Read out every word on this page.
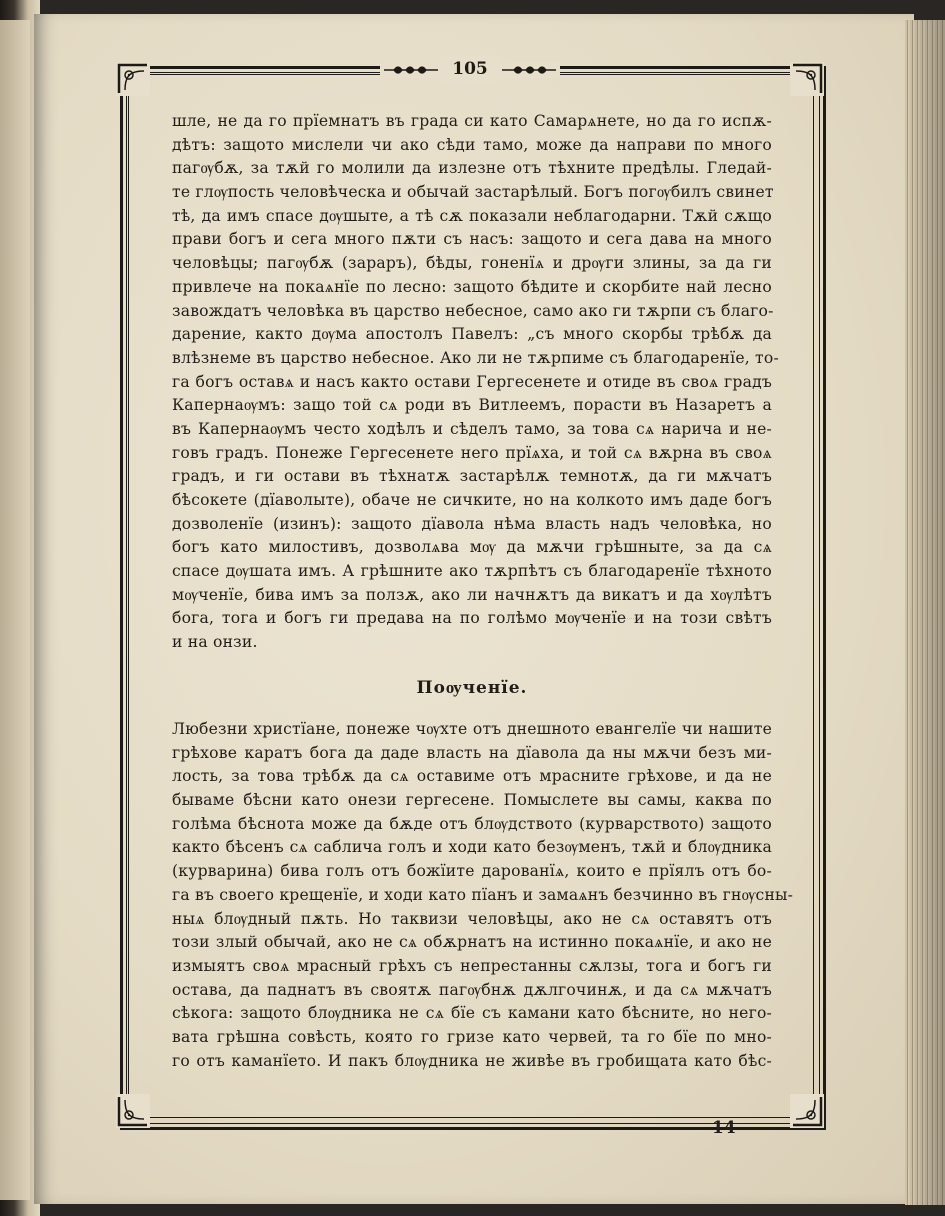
105
шле, не да го прїемнатъ въ града си като Самарѧнете, но да го испѫ-
дѣтъ: защото мислели чи ако сѣди тамо, може да направи по много
пагѹбѫ, за тѫй го молили да излезне отъ тѣхните предѣлы. Гледай-
те глѹпость человѣческа и обычай застарѣлый. Богъ погѹбилъ свинет
тѣ, да имъ спасе дѹшыте, а тѣ сѫ показали неблагодарни. Тѫй сѫщо
прави богъ и сега много пѫти съ насъ: защото и сега дава на много
человѣцы; пагѹбѫ (зараръ), бѣды, гоненїѧ и дрѹги злины, за да ги
привлече на покаѧнїе по лесно: защото бѣдите и скорбите най лесно
завождатъ человѣка въ царство небесное, само ако ги тѫрпи съ благо-
дарение, както дѹма апостолъ Павелъ: „съ много скорбы трѣбѫ да
влѣзнеме въ царство небесное. Ако ли не тѫрпиме съ благодаренїе, то-
га богъ оставѧ и насъ както остави Гергесенете и отиде въ своѧ градъ
Капернаѹмъ: защо той сѧ роди въ Витлеемъ, порасти въ Назаретъ а
въ Капернаѹмъ често ходѣлъ и сѣделъ тамо, за това сѧ нарича и не-
говъ градъ. Понеже Гергесенете него прїѧха, и той сѧ вѫрна въ своѧ
градъ, и ги остави въ тѣхнатѫ застарѣлѫ темнотѫ, да ги мѫчатъ
бѣсокете (дїаволыте), обаче не сичките, но на колкото имъ даде богъ
дозволенїе (изинъ): защото дїавола нѣма власть надъ человѣка, но
богъ като милостивъ, дозволѧва мѹ да мѫчи грѣшныте, за да сѧ
спасе дѹшата имъ. А грѣшните ако тѫрпѣтъ съ благодаренїе тѣхното
мѹченїе, бива имъ за ползѫ, ако ли начнѫтъ да викатъ и да хѹлѣтъ
бога, тога и богъ ги предава на по голѣмо мѹченїе и на този свѣтъ
и на онзи.
Поѹченїе.
Любезни христїане, понеже чѹхте отъ днешното евангелїе чи нашите
грѣхове каратъ бога да даде власть на дїавола да ны мѫчи безъ ми-
лость, за това трѣбѫ да сѧ оставиме отъ мрасните грѣхове, и да не
бываме бѣсни като онези гергесене. Помыслете вы самы, каква по
голѣма бѣснота може да бѫде отъ блѹдството (курварството) защото
както бѣсенъ сѧ саблича голъ и ходи като безѹменъ, тѫй и блѹдника
(курварина) бива голъ отъ божїите дарованїѧ, които е прїялъ отъ бо-
га въ своего крещенїе, и ходи като пїанъ и замаѧнъ безчинно въ гнѹсны-
ныѧ блѹдный пѫть. Но таквизи человѣцы, ако не сѧ оставятъ отъ
този злый обычай, ако не сѧ обѫрнатъ на истинно покаѧнїе, и ако не
измыятъ своѧ мрасный грѣхъ съ непрестанны сѫлзы, тога и богъ ги
остава, да паднатъ въ своятѫ пагѹбнѫ дѫлгочинѫ, и да сѧ мѫчатъ
сѣкога: защото блѹдника не сѧ бїе съ камани като бѣсните, но него-
вата грѣшна совѣсть, която го гризе като червей, та го бїе по мно-
го отъ каманїето. И пакъ блѹдника не живѣе въ гробищата като бѣс-
14
